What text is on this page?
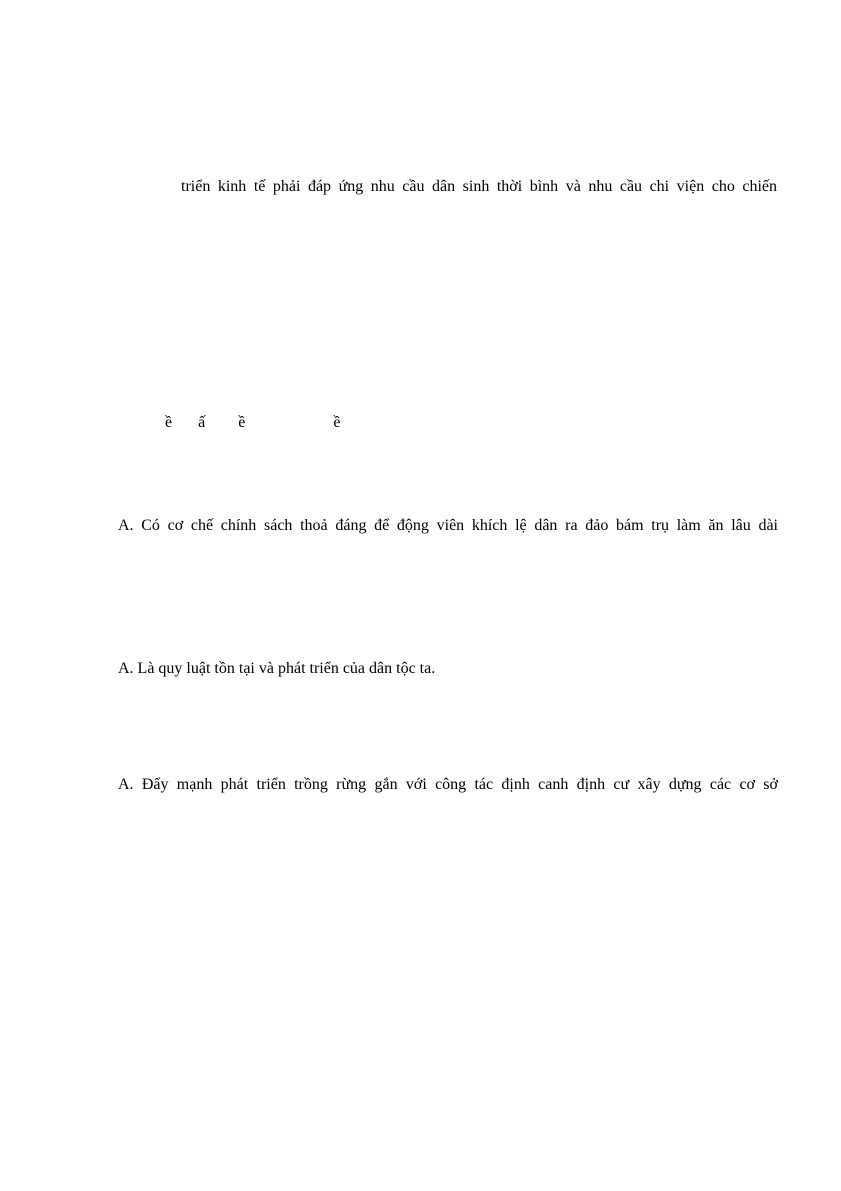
triển kinh tế phải đáp ứng nhu cầu dân sinh thời bình và nhu cầu chi viện cho chiến
ề ấ ề	ề
A. Có cơ chế chính sách thoả đáng để động viên khích lệ dân ra đảo bám trụ làm ăn lâu dài
A. Là quy luật tồn tại và phát triển của dân tộc ta.
A. Đẩy mạnh phát triển trồng rừng gắn với công tác định canh định cư xây dựng các cơ sở
